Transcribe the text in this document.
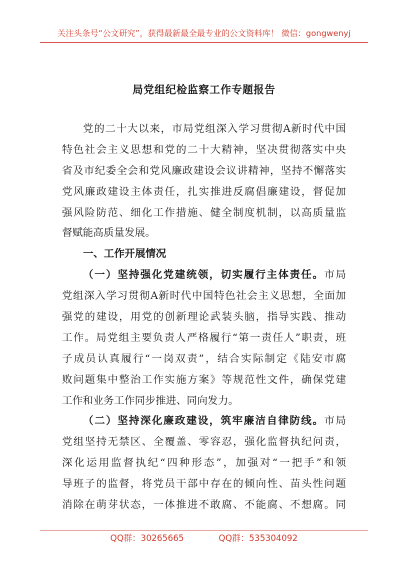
关注头条号“公文研究”，获得最新最全最专业的公文资料库！ 微信：gongwenyj
局党组纪检监察工作专题报告
党的二十大以来，市局党组深入学习贯彻A新时代中国
特色社会主义思想和党的二十大精神，坚决贯彻落实中央
省及市纪委全会和党风廉政建设会议讲精神，坚持不懈落实
党风廉政建设主体责任，扎实推进反腐倡廉建设，督促加
强风险防范、细化工作措施、健全制度机制，以高质量监
督赋能高质量发展。
一、工作开展情况
（一）坚持强化党建统领，切实履行主体责任。市局
党组深入学习贯彻A新时代中国特色社会主义思想，全面加
强党的建设，用党的创新理论武装头脑，指导实践、推动
工作。局党组主要负责人严格履行“第一责任人”职责，班
子成员认真履行“一岗双责”，结合实际制定《陆安市腐
败问题集中整治工作实施方案》等规范性文件，确保党建
工作和业务工作同步推进、同向发力。
（二）坚持深化廉政建设，筑牢廉洁自律防线。市局
党组坚持无禁区、全覆盖、零容忍，强化监督执纪问责，
深化运用监督执纪“四种形态”，加强对“一把手”和领
导班子的监督，将党员干部中存在的倾向性、苗头性问题
消除在萌芽状态，一体推进不敢腐、不能腐、不想腐。同
QQ群：30265665	QQ群：535304092
